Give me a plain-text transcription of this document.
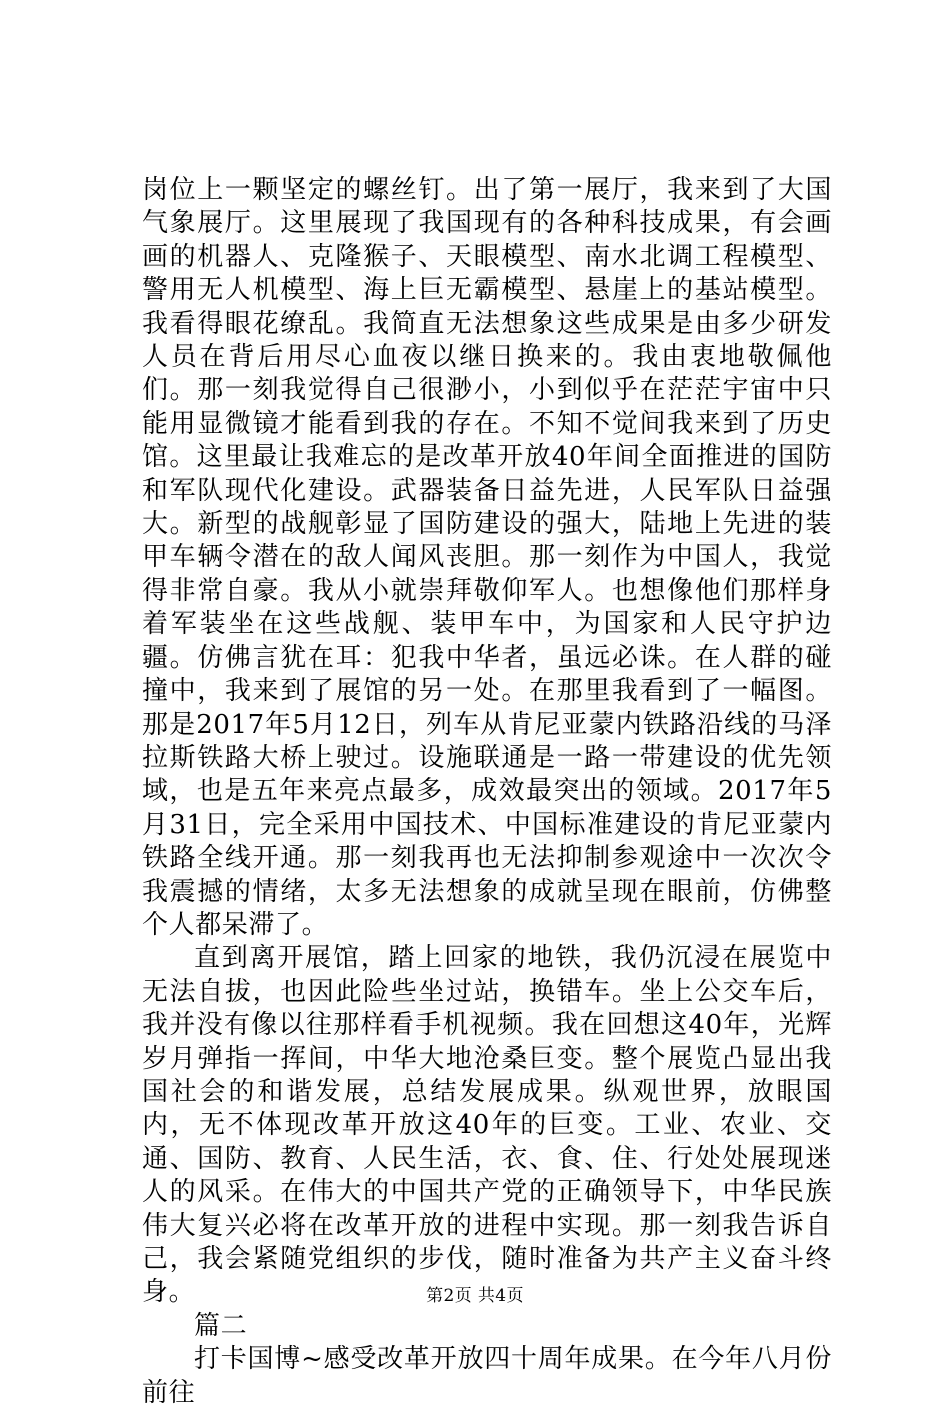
岗位上一颗坚定的螺丝钉。出了第一展厅，我来到了大国气象展厅。这里展现了我国现有的各种科技成果，有会画画的机器人、克隆猴子、天眼模型、南水北调工程模型、警用无人机模型、海上巨无霸模型、悬崖上的基站模型。我看得眼花缭乱。我简直无法想象这些成果是由多少研发人员在背后用尽心血夜以继日换来的。我由衷地敬佩他们。那一刻我觉得自己很渺小，小到似乎在茫茫宇宙中只能用显微镜才能看到我的存在。不知不觉间我来到了历史馆。这里最让我难忘的是改革开放40年间全面推进的国防和军队现代化建设。武器装备日益先进，人民军队日益强大。新型的战舰彰显了国防建设的强大，陆地上先进的装甲车辆令潜在的敌人闻风丧胆。那一刻作为中国人，我觉得非常自豪。我从小就崇拜敬仰军人。也想像他们那样身着军装坐在这些战舰、装甲车中，为国家和人民守护边疆。仿佛言犹在耳：犯我中华者，虽远必诛。在人群的碰撞中，我来到了展馆的另一处。在那里我看到了一幅图。那是2017年5月12日，列车从肯尼亚蒙内铁路沿线的马泽拉斯铁路大桥上驶过。设施联通是一路一带建设的优先领域，也是五年来亮点最多，成效最突出的领域。2017年5月31日，完全采用中国技术、中国标准建设的肯尼亚蒙内铁路全线开通。那一刻我再也无法抑制参观途中一次次令我震撼的情绪，太多无法想象的成就呈现在眼前，仿佛整个人都呆滞了。

直到离开展馆，踏上回家的地铁，我仍沉浸在展览中无法自拔，也因此险些坐过站，换错车。坐上公交车后，我并没有像以往那样看手机视频。我在回想这40年，光辉岁月弹指一挥间，中华大地沧桑巨变。整个展览凸显出我国社会的和谐发展，总结发展成果。纵观世界，放眼国内，无不体现改革开放这40年的巨变。工业、农业、交通、国防、教育、人民生活，衣、食、住、行处处展现迷人的风采。在伟大的中国共产党的正确领导下，中华民族伟大复兴必将在改革开放的进程中实现。那一刻我告诉自己，我会紧随党组织的步伐，随时准备为共产主义奋斗终身。

篇二

打卡国博~感受改革开放四十周年成果。在今年八月份前往

第2页 共4页
